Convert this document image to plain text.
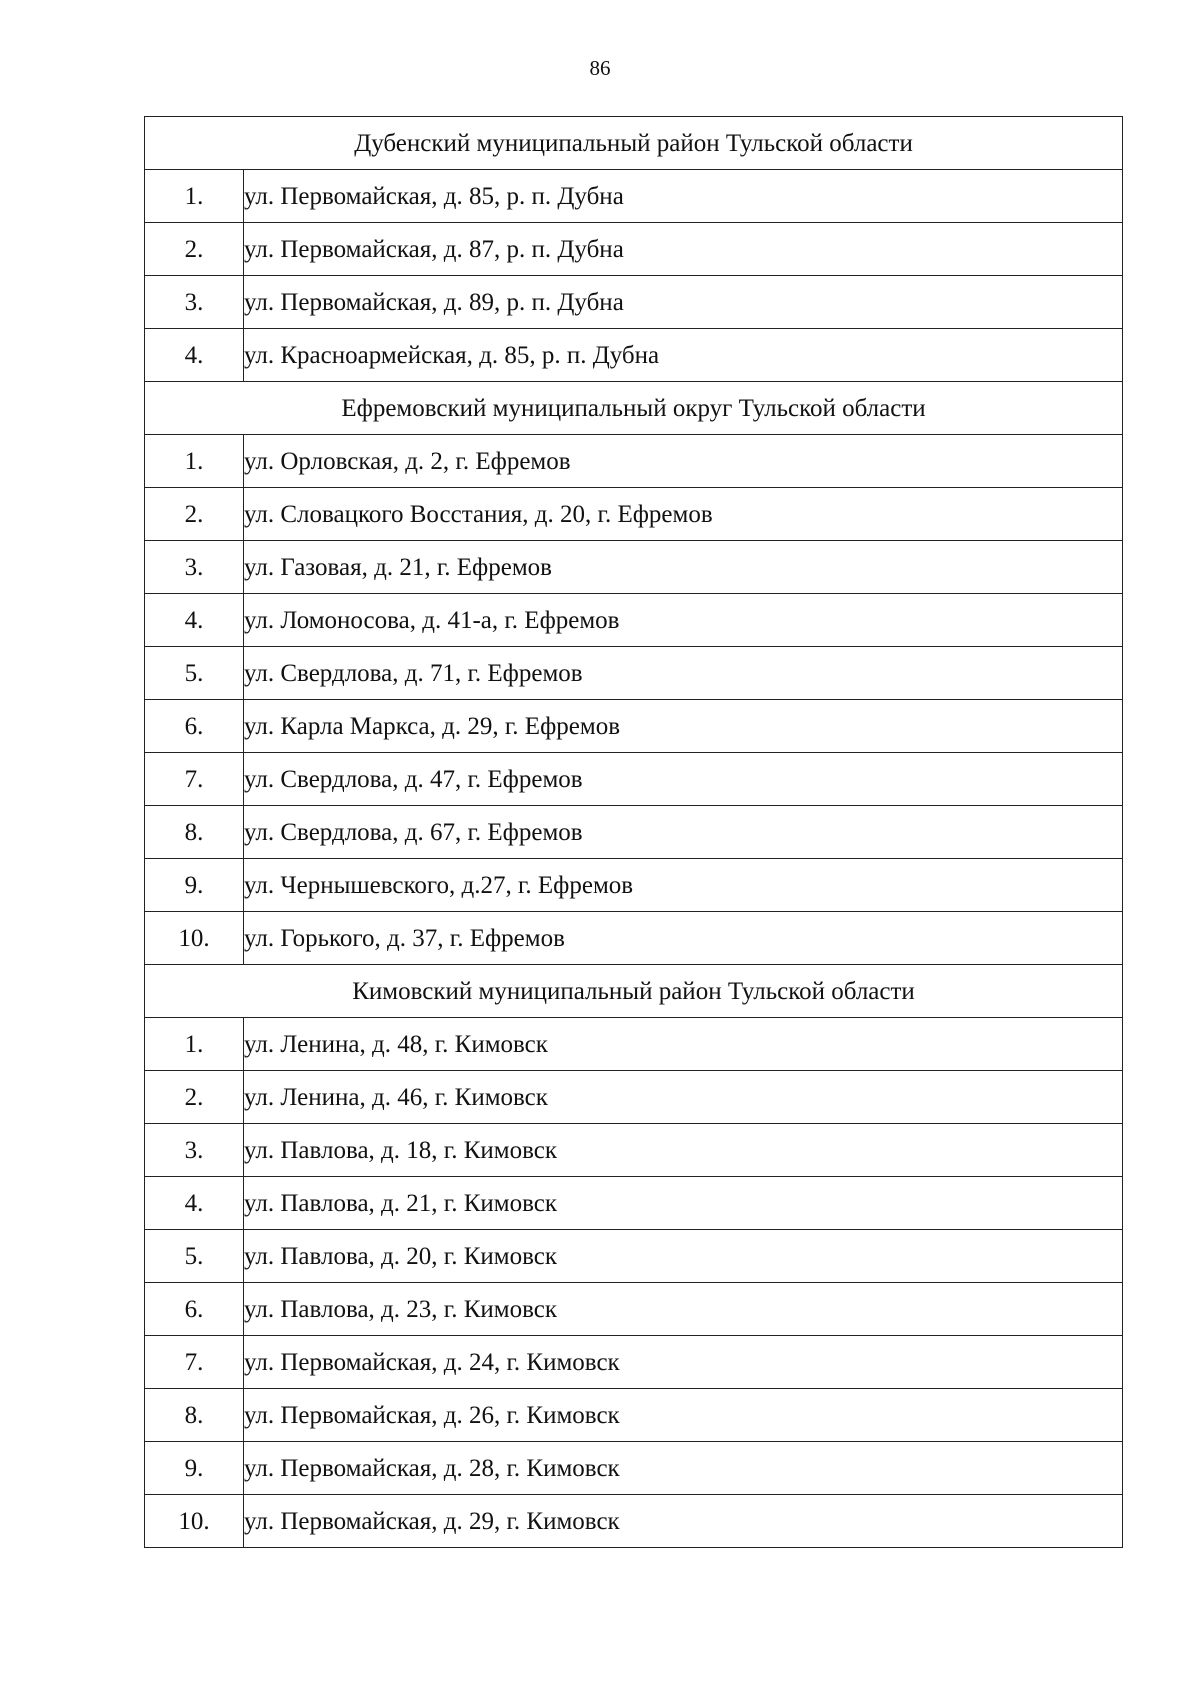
86
Дубенский муниципальный район Тульской области	
1.	ул. Первомайская, д. 85, р. п. Дубна
2.	ул. Первомайская, д. 87, р. п. Дубна
3.	ул. Первомайская, д. 89, р. п. Дубна
4.	ул. Красноармейская, д. 85, р. п. Дубна
Ефремовский муниципальный округ Тульской области	
1.	ул. Орловская, д. 2, г. Ефремов
2.	ул. Словацкого Восстания, д. 20, г. Ефремов
3.	ул. Газовая, д. 21, г. Ефремов
4.	ул. Ломоносова, д. 41-а, г. Ефремов
5.	ул. Свердлова, д. 71, г. Ефремов
6.	ул. Карла Маркса, д. 29, г. Ефремов
7.	ул. Свердлова, д. 47, г. Ефремов
8.	ул. Свердлова, д. 67, г. Ефремов
9.	ул. Чернышевского, д.27, г. Ефремов
10.	ул. Горького, д. 37, г. Ефремов
Кимовский муниципальный район Тульской области	
1.	ул. Ленина, д. 48, г. Кимовск
2.	ул. Ленина, д. 46, г. Кимовск
3.	ул. Павлова, д. 18, г. Кимовск
4.	ул. Павлова, д. 21, г. Кимовск
5.	ул. Павлова, д. 20, г. Кимовск
6.	ул. Павлова, д. 23, г. Кимовск
7.	ул. Первомайская, д. 24, г. Кимовск
8.	ул. Первомайская, д. 26, г. Кимовск
9.	ул. Первомайская, д. 28, г. Кимовск
10.	ул. Первомайская, д. 29, г. Кимовск
